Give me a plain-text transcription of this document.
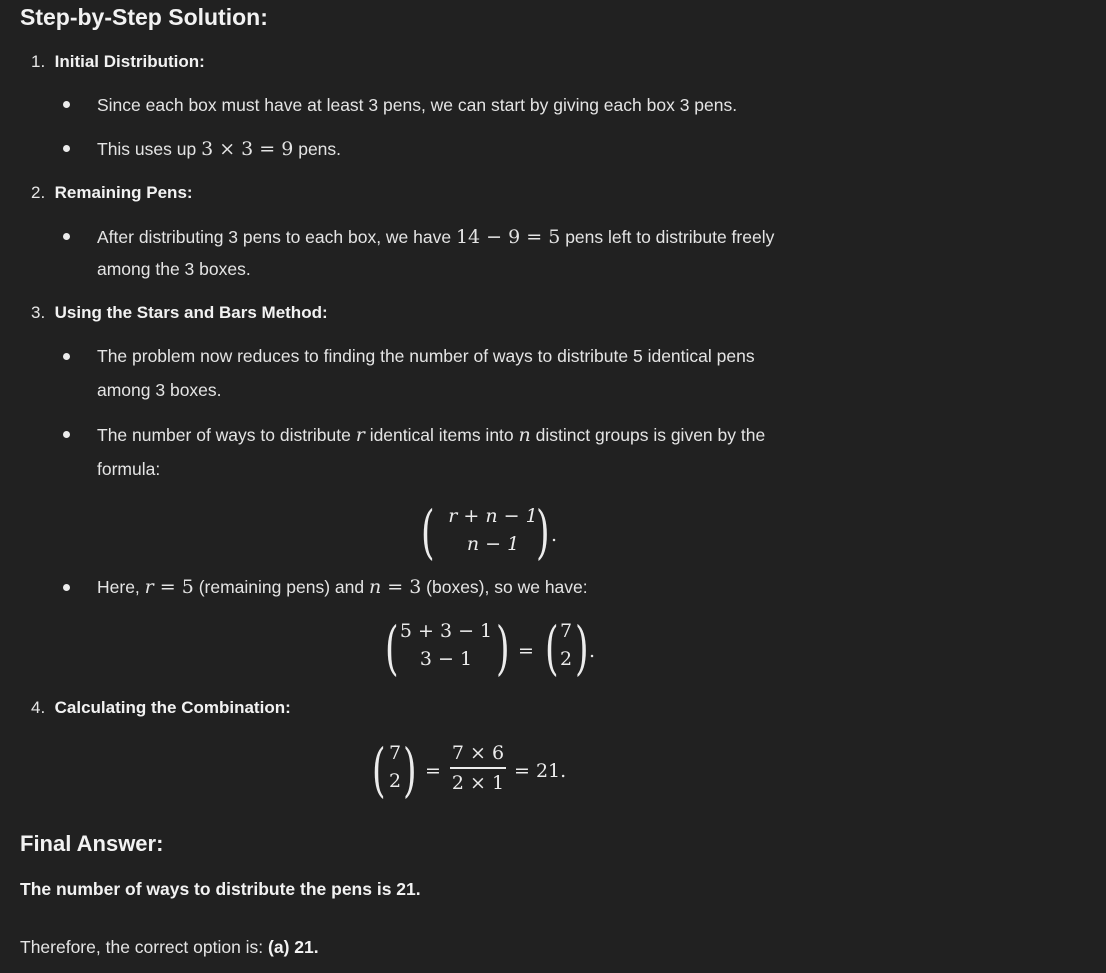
Step-by-Step Solution:
1. Initial Distribution:
Since each box must have at least 3 pens, we can start by giving each box 3 pens.
This uses up 3 × 3 = 9 pens.
2. Remaining Pens:
After distributing 3 pens to each box, we have 14 − 9 = 5 pens left to distribute freely
among the 3 boxes.
3. Using the Stars and Bars Method:
The problem now reduces to finding the number of ways to distribute 5 identical pens
among 3 boxes.
The number of ways to distribute r identical items into n distinct groups is given by the
formula:
( r + n − 1
n − 1 ) .
Here, r = 5 (remaining pens) and n = 3 (boxes), so we have:
( 5 + 3 − 1
3 − 1 ) = ( 7
2 ) .
4. Calculating the Combination:
( 7
2 ) =
7 × 6
2 × 1
= 21.
Final Answer:
The number of ways to distribute the pens is 21.
Therefore, the correct option is: (a) 21.
